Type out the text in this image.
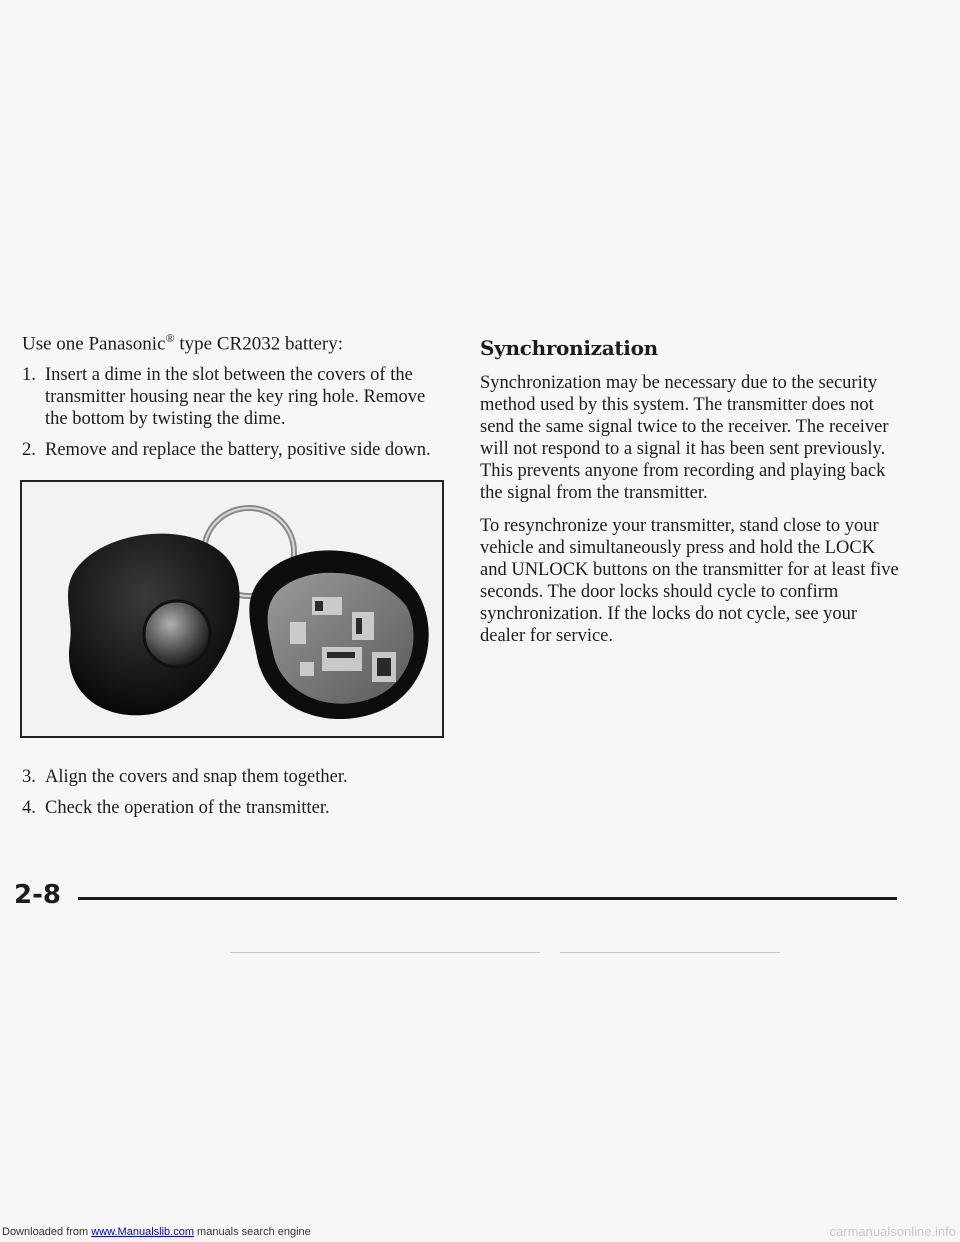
Use one Panasonic® type CR2032 battery:

1. Insert a dime in the slot between the covers of the transmitter housing near the key ring hole. Remove the bottom by twisting the dime.
2. Remove and replace the battery, positive side down.
3. Align the covers and snap them together.
4. Check the operation of the transmitter.
Synchronization

Synchronization may be necessary due to the security method used by this system. The transmitter does not send the same signal twice to the receiver. The receiver will not respond to a signal it has been sent previously. This prevents anyone from recording and playing back the signal from the transmitter.

To resynchronize your transmitter, stand close to your vehicle and simultaneously press and hold the LOCK and UNLOCK buttons on the transmitter for at least five seconds. The door locks should cycle to confirm synchronization. If the locks do not cycle, see your dealer for service.

2-8
Downloaded from www.Manualslib.com manuals search engine	carmanualsonline.info
